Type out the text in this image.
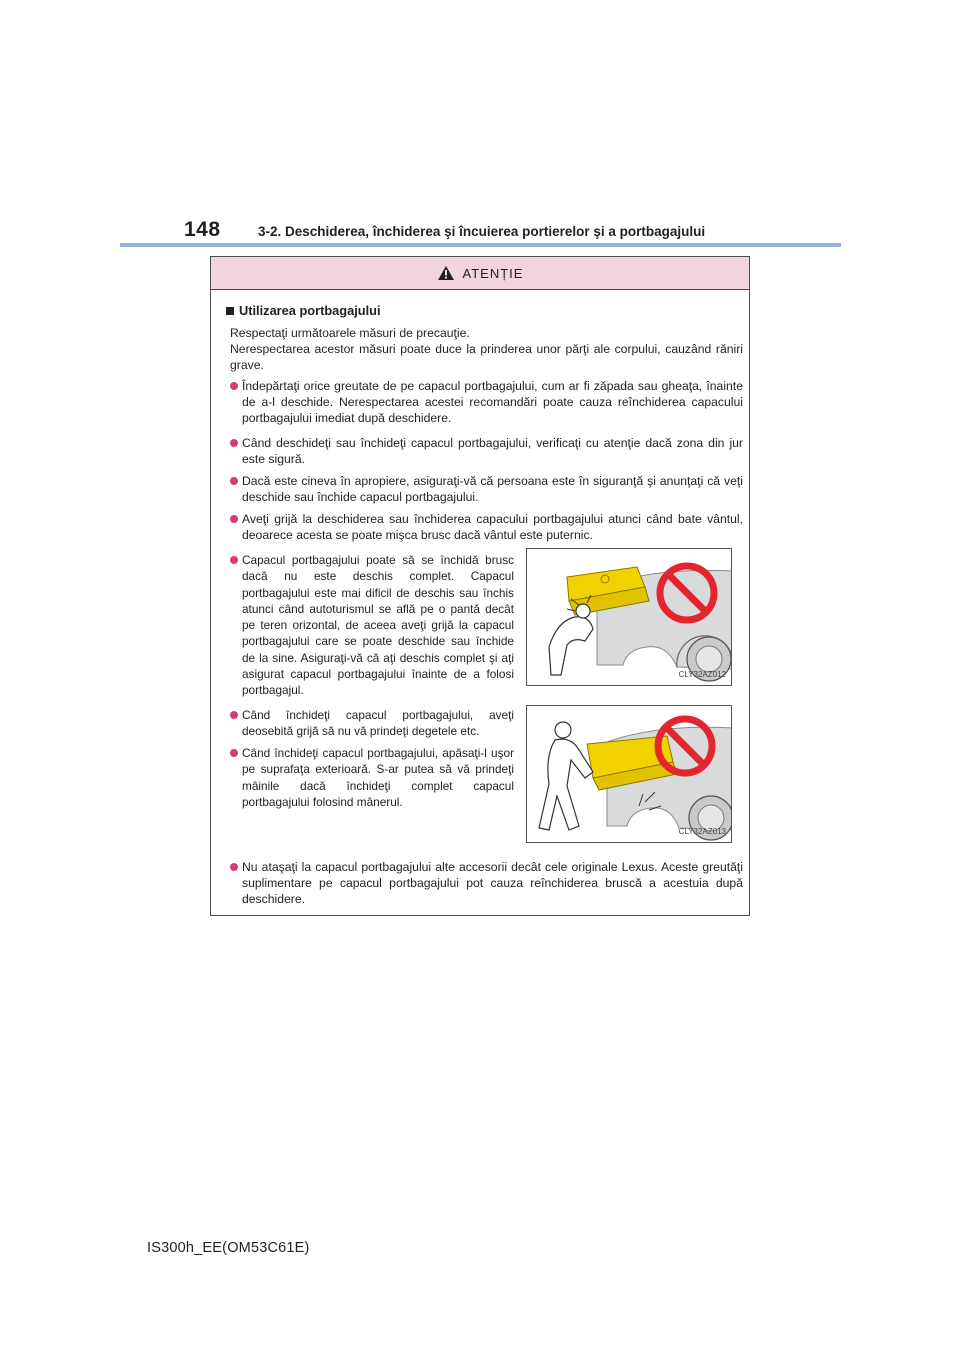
148	3-2. Deschiderea, închiderea şi încuierea portierelor şi a portbagajului
ATENȚIE
Utilizarea portbagajului
Respectaţi următoarele măsuri de precauţie.
Nerespectarea acestor măsuri poate duce la prinderea unor părţi ale corpului, cauzând răniri grave.
Îndepărtaţi orice greutate de pe capacul portbagajului, cum ar fi zăpada sau gheaţa, înainte de a-l deschide. Nerespectarea acestei recomandări poate cauza reînchiderea capacului portbagajului imediat după deschidere.
Când deschideţi sau închideţi capacul portbagajului, verificaţi cu atenţie dacă zona din jur este sigură.
Dacă este cineva în apropiere, asiguraţi-vă că persoana este în siguranţă şi anunţaţi că veţi deschide sau închide capacul portbagajului.
Aveţi grijă la deschiderea sau închiderea capacului portbagajului atunci când bate vântul, deoarece acesta se poate mişca brusc dacă vântul este puternic.
Capacul portbagajului poate să se închidă brusc dacă nu este deschis complet. Capacul portbagajului este mai dificil de deschis sau închis atunci când autoturismul se află pe o pantă decât pe teren orizontal, de aceea aveţi grijă la capacul portbagajului care se poate deschide sau închide de la sine. Asiguraţi-vă că aţi deschis complet şi aţi asigurat capacul portbagajului înainte de a folosi portbagajul.
Când închideţi capacul portbagajului, aveţi deosebită grijă să nu vă prindeţi degetele etc.
Când închideţi capacul portbagajului, apăsaţi-l uşor pe suprafaţa exterioară. S-ar putea să vă prindeţi mâinile dacă închideţi complet capacul portbagajului folosind mânerul.
Nu ataşaţi la capacul portbagajului alte accesorii decât cele originale Lexus. Aceste greutăţi suplimentare pe capacul portbagajului pot cauza reînchiderea bruscă a acestuia după deschidere.
CLY32AZ012
CLY32AZ013
IS300h_EE(OM53C61E)
